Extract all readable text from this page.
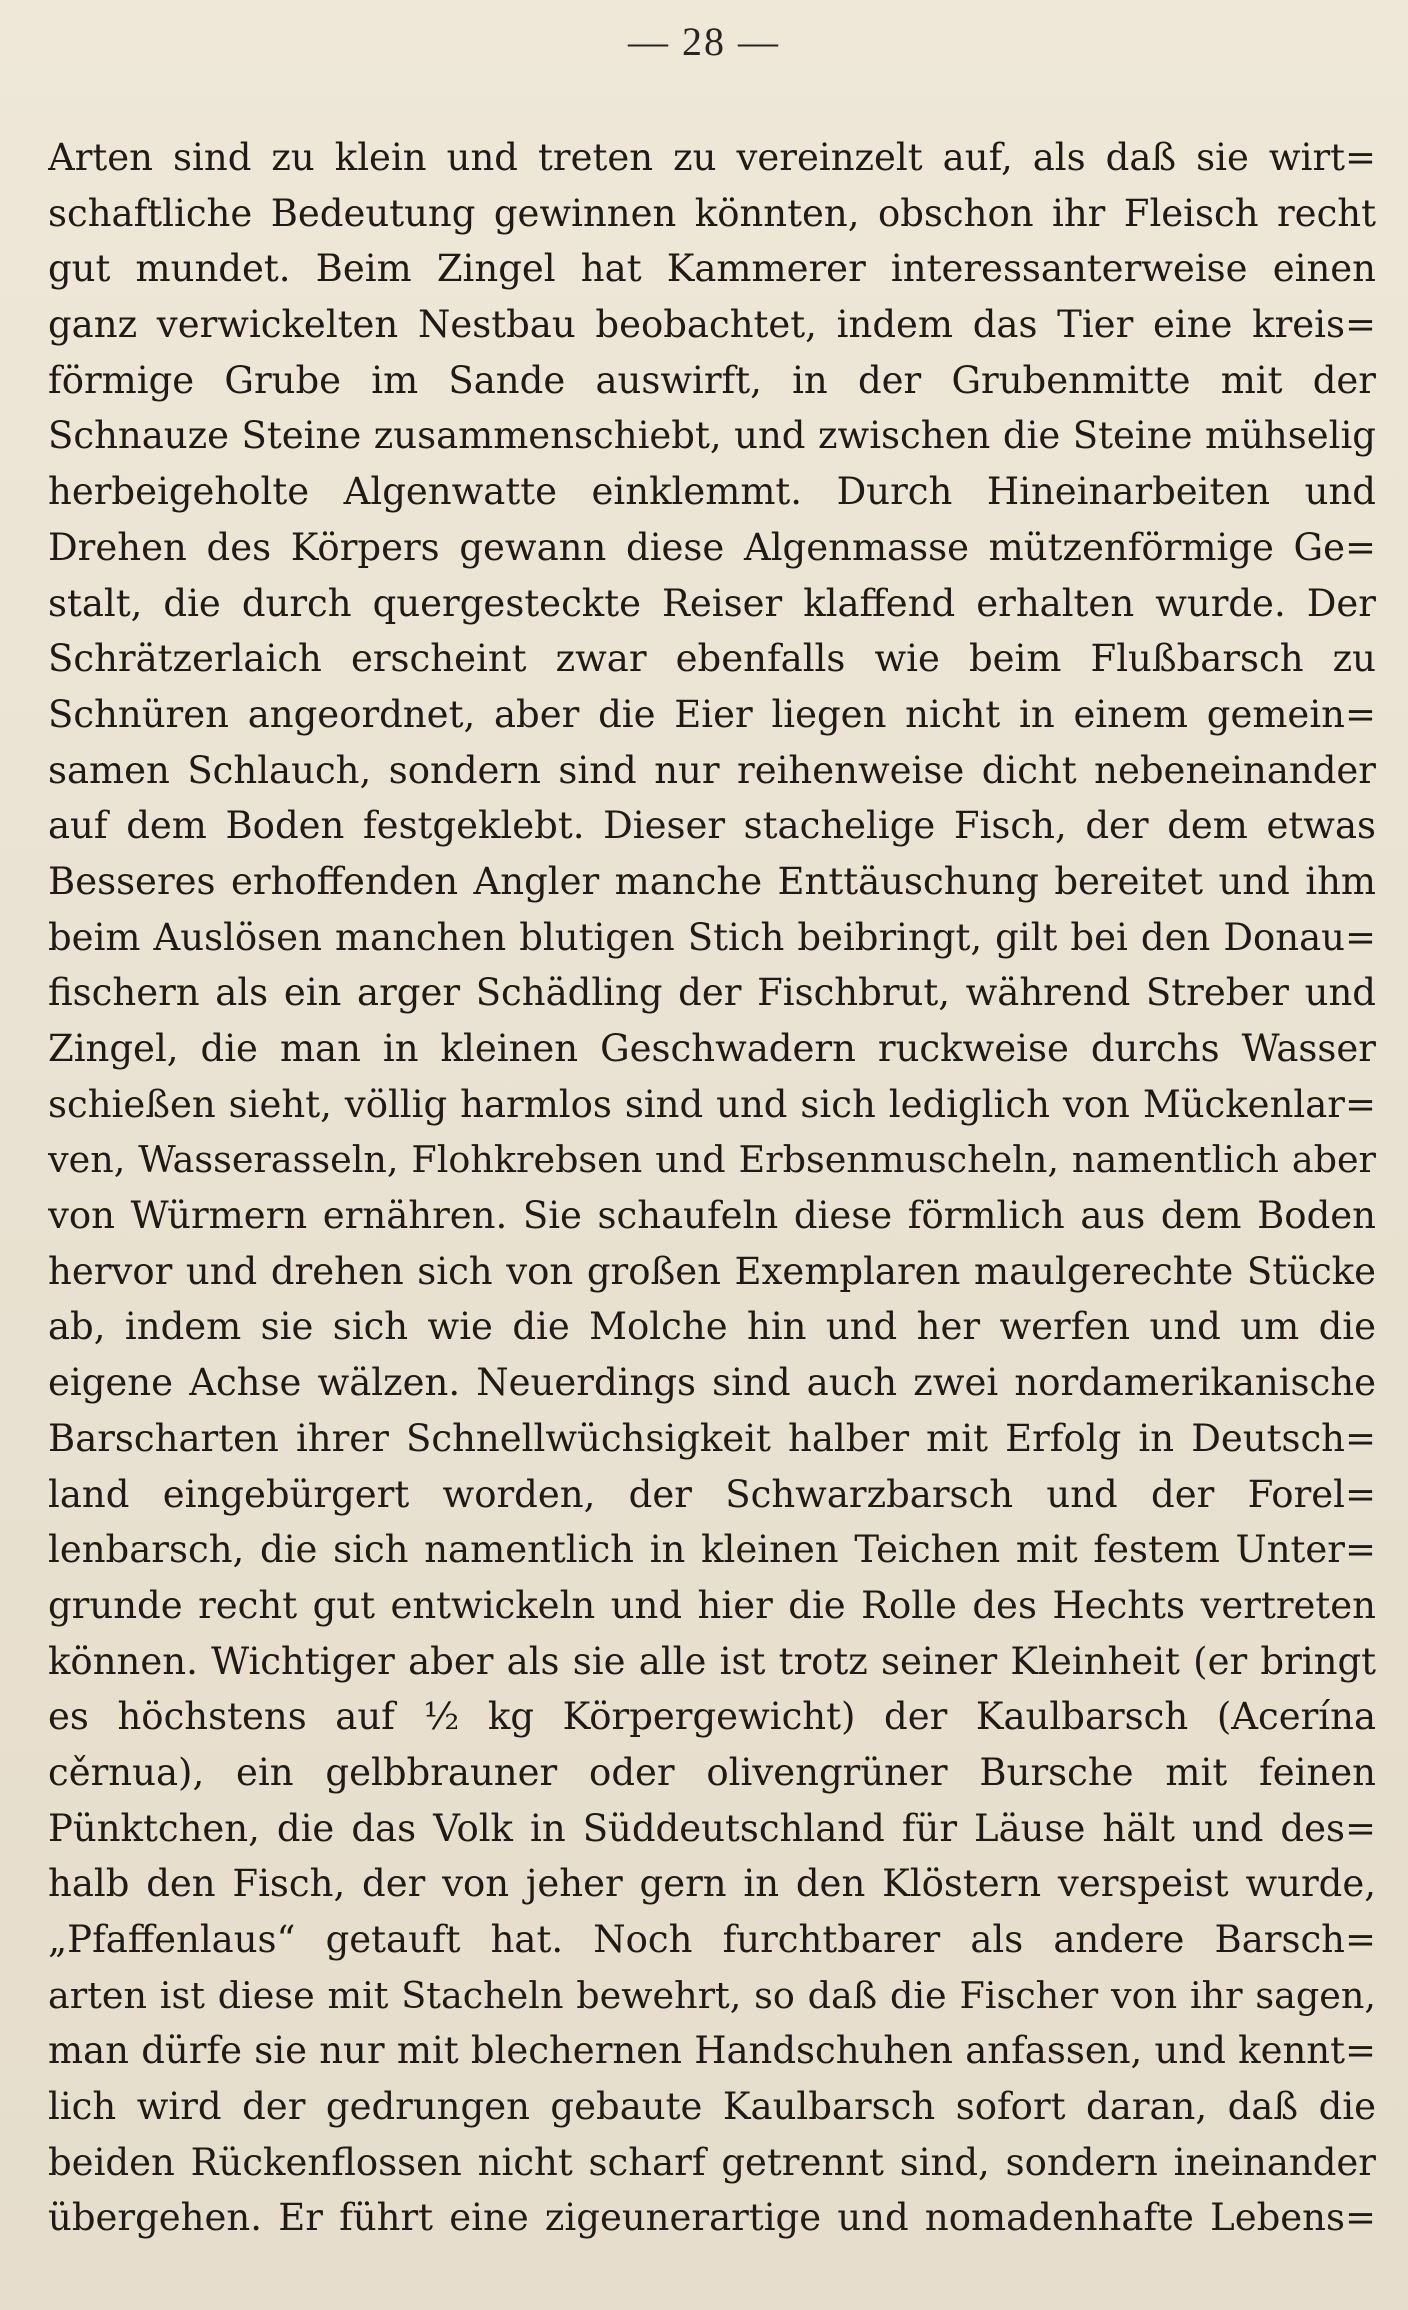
— 28 —
Arten sind zu klein und treten zu vereinzelt auf, als daß sie wirt=
schaftliche Bedeutung gewinnen könnten, obschon ihr Fleisch recht
gut mundet. Beim Zingel hat Kammerer interessanterweise einen
ganz verwickelten Nestbau beobachtet, indem das Tier eine kreis=
förmige Grube im Sande auswirft, in der Grubenmitte mit der
Schnauze Steine zusammenschiebt, und zwischen die Steine mühselig
herbeigeholte Algenwatte einklemmt. Durch Hineinarbeiten und
Drehen des Körpers gewann diese Algenmasse mützenförmige Ge=
stalt, die durch quergesteckte Reiser klaffend erhalten wurde. Der
Schrätzerlaich erscheint zwar ebenfalls wie beim Flußbarsch zu
Schnüren angeordnet, aber die Eier liegen nicht in einem gemein=
samen Schlauch, sondern sind nur reihenweise dicht nebeneinander
auf dem Boden festgeklebt. Dieser stachelige Fisch, der dem etwas
Besseres erhoffenden Angler manche Enttäuschung bereitet und ihm
beim Auslösen manchen blutigen Stich beibringt, gilt bei den Donau=
fischern als ein arger Schädling der Fischbrut, während Streber und
Zingel, die man in kleinen Geschwadern ruckweise durchs Wasser
schießen sieht, völlig harmlos sind und sich lediglich von Mückenlar=
ven, Wasserasseln, Flohkrebsen und Erbsenmuscheln, namentlich aber
von Würmern ernähren. Sie schaufeln diese förmlich aus dem Boden
hervor und drehen sich von großen Exemplaren maulgerechte Stücke
ab, indem sie sich wie die Molche hin und her werfen und um die
eigene Achse wälzen. Neuerdings sind auch zwei nordamerikanische
Barscharten ihrer Schnellwüchsigkeit halber mit Erfolg in Deutsch=
land eingebürgert worden, der Schwarzbarsch und der Forel=
lenbarsch, die sich namentlich in kleinen Teichen mit festem Unter=
grunde recht gut entwickeln und hier die Rolle des Hechts vertreten
können. Wichtiger aber als sie alle ist trotz seiner Kleinheit (er bringt
es höchstens auf ½ kg Körpergewicht) der Kaulbarsch (Acerína
cěrnua), ein gelbbrauner oder olivengrüner Bursche mit feinen
Pünktchen, die das Volk in Süddeutschland für Läuse hält und des=
halb den Fisch, der von jeher gern in den Klöstern verspeist wurde,
„Pfaffenlaus“ getauft hat. Noch furchtbarer als andere Barsch=
arten ist diese mit Stacheln bewehrt, so daß die Fischer von ihr sagen,
man dürfe sie nur mit blechernen Handschuhen anfassen, und kennt=
lich wird der gedrungen gebaute Kaulbarsch sofort daran, daß die
beiden Rückenflossen nicht scharf getrennt sind, sondern ineinander
übergehen. Er führt eine zigeunerartige und nomadenhafte Lebens=
